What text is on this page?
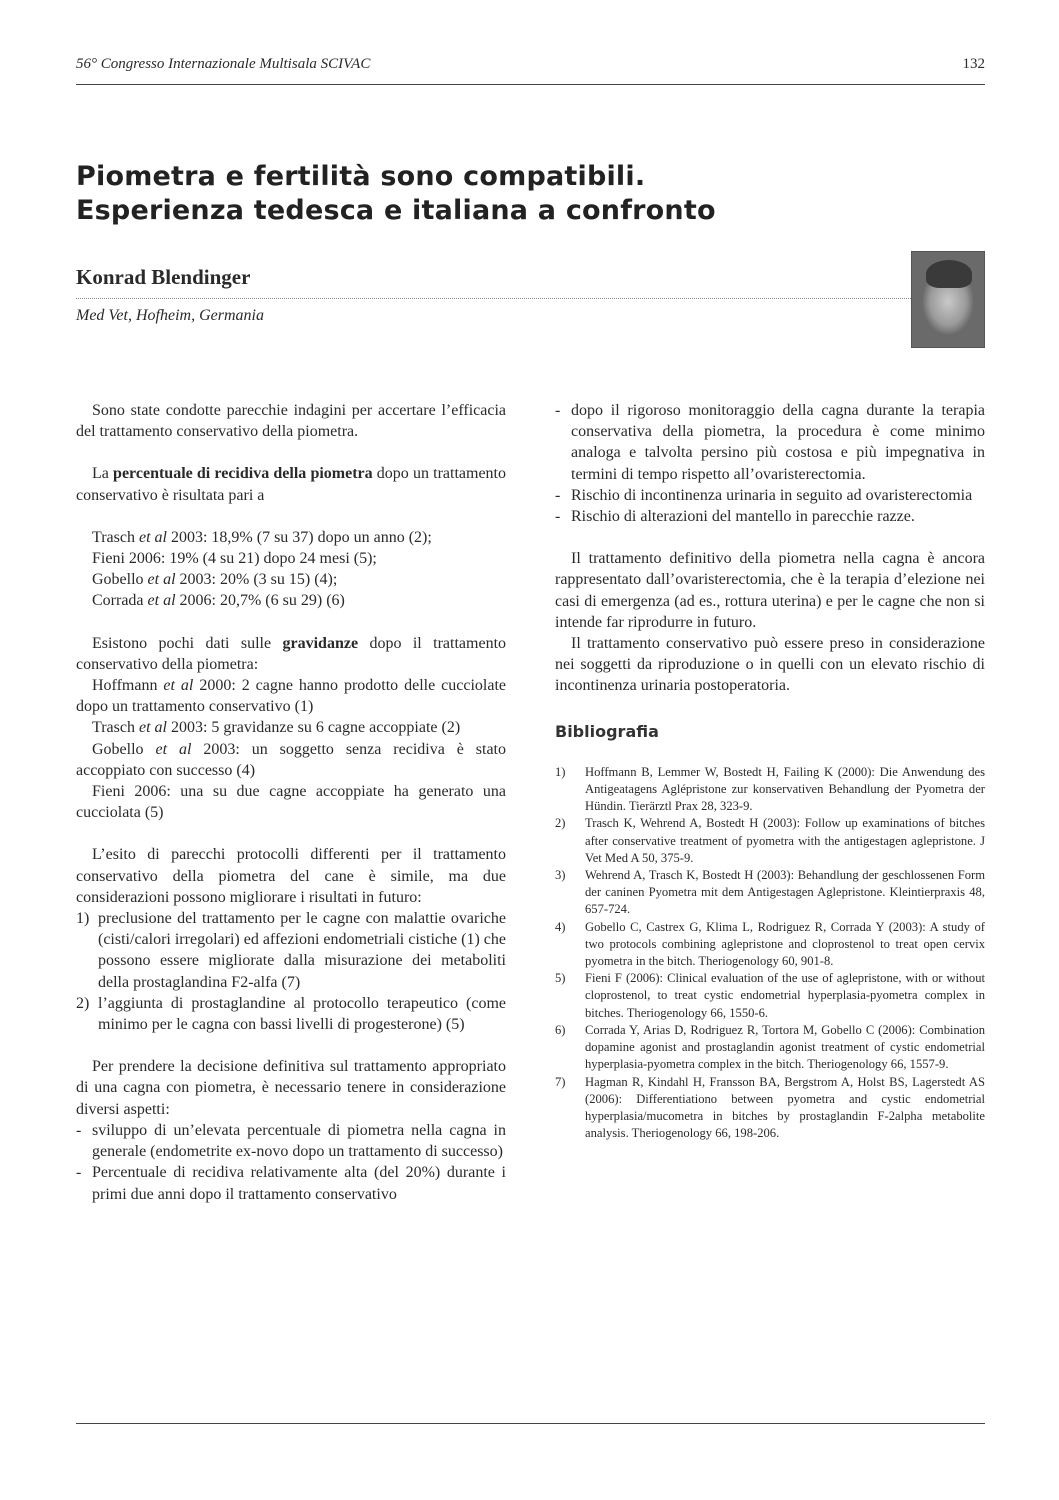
56° Congresso Internazionale Multisala SCIVAC	132
Piometra e fertilità sono compatibili.
Esperienza tedesca e italiana a confronto
Konrad Blendinger
Med Vet, Hofheim, Germania
Sono state condotte parecchie indagini per accertare l’efficacia del trattamento conservativo della piometra.
La percentuale di recidiva della piometra dopo un trattamento conservativo è risultata pari a
Trasch et al 2003: 18,9% (7 su 37) dopo un anno (2);
Fieni 2006: 19% (4 su 21) dopo 24 mesi (5);
Gobello et al 2003: 20% (3 su 15) (4);
Corrada et al 2006: 20,7% (6 su 29) (6)
Esistono pochi dati sulle gravidanze dopo il trattamento conservativo della piometra:
Hoffmann et al 2000: 2 cagne hanno prodotto delle cucciolate dopo un trattamento conservativo (1)
Trasch et al 2003: 5 gravidanze su 6 cagne accoppiate (2)
Gobello et al 2003: un soggetto senza recidiva è stato accoppiato con successo (4)
Fieni 2006: una su due cagne accoppiate ha generato una cucciolata (5)
L’esito di parecchi protocolli differenti per il trattamento conservativo della piometra del cane è simile, ma due considerazioni possono migliorare i risultati in futuro:
1) preclusione del trattamento per le cagne con malattie ovariche (cisti/calori irregolari) ed affezioni endometriali cistiche (1) che possono essere migliorate dalla misurazione dei metaboliti della prostaglandina F2-alfa (7)
2) l’aggiunta di prostaglandine al protocollo terapeutico (come minimo per le cagna con bassi livelli di progesterone) (5)
Per prendere la decisione definitiva sul trattamento appropriato di una cagna con piometra, è necessario tenere in considerazione diversi aspetti:
- sviluppo di un’elevata percentuale di piometra nella cagna in generale (endometrite ex-novo dopo un trattamento di successo)
- Percentuale di recidiva relativamente alta (del 20%) durante i primi due anni dopo il trattamento conservativo
- dopo il rigoroso monitoraggio della cagna durante la terapia conservativa della piometra, la procedura è come minimo analoga e talvolta persino più costosa e più impegnativa in termini di tempo rispetto all’ovaristerectomia.
- Rischio di incontinenza urinaria in seguito ad ovaristerectomia
- Rischio di alterazioni del mantello in parecchie razze.
Il trattamento definitivo della piometra nella cagna è ancora rappresentato dall’ovaristerectomia, che è la terapia d’elezione nei casi di emergenza (ad es., rottura uterina) e per le cagne che non si intende far riprodurre in futuro.
Il trattamento conservativo può essere preso in considerazione nei soggetti da riproduzione o in quelli con un elevato rischio di incontinenza urinaria postoperatoria.
Bibliografia
1)	Hoffmann B, Lemmer W, Bostedt H, Failing K (2000): Die Anwendung des Antigeatagens Aglépristone zur konservativen Behandlung der Pyometra der Hündin. Tierärztl Prax 28, 323-9.
2)	Trasch K, Wehrend A, Bostedt H (2003): Follow up examinations of bitches after conservative treatment of pyometra with the antigestagen aglepristone. J Vet Med A 50, 375-9.
3)	Wehrend A, Trasch K, Bostedt H (2003): Behandlung der geschlossenen Form der caninen Pyometra mit dem Antigestagen Aglepristone. Kleintierpraxis 48, 657-724.
4)	Gobello C, Castrex G, Klima L, Rodriguez R, Corrada Y (2003): A study of two protocols combining aglepristone and cloprostenol to treat open cervix pyometra in the bitch. Theriogenology 60, 901-8.
5)	Fieni F (2006): Clinical evaluation of the use of aglepristone, with or without cloprostenol, to treat cystic endometrial hyperplasia-pyometra complex in bitches. Theriogenology 66, 1550-6.
6)	Corrada Y, Arias D, Rodriguez R, Tortora M, Gobello C (2006): Combination dopamine agonist and prostaglandin agonist treatment of cystic endometrial hyperplasia-pyometra complex in the bitch. Theriogenology 66, 1557-9.
7)	Hagman R, Kindahl H, Fransson BA, Bergstrom A, Holst BS, Lagerstedt AS (2006): Differentiationo between pyometra and cystic endometrial hyperplasia/mucometra in bitches by prostaglandin F-2alpha metabolite analysis. Theriogenology 66, 198-206.
